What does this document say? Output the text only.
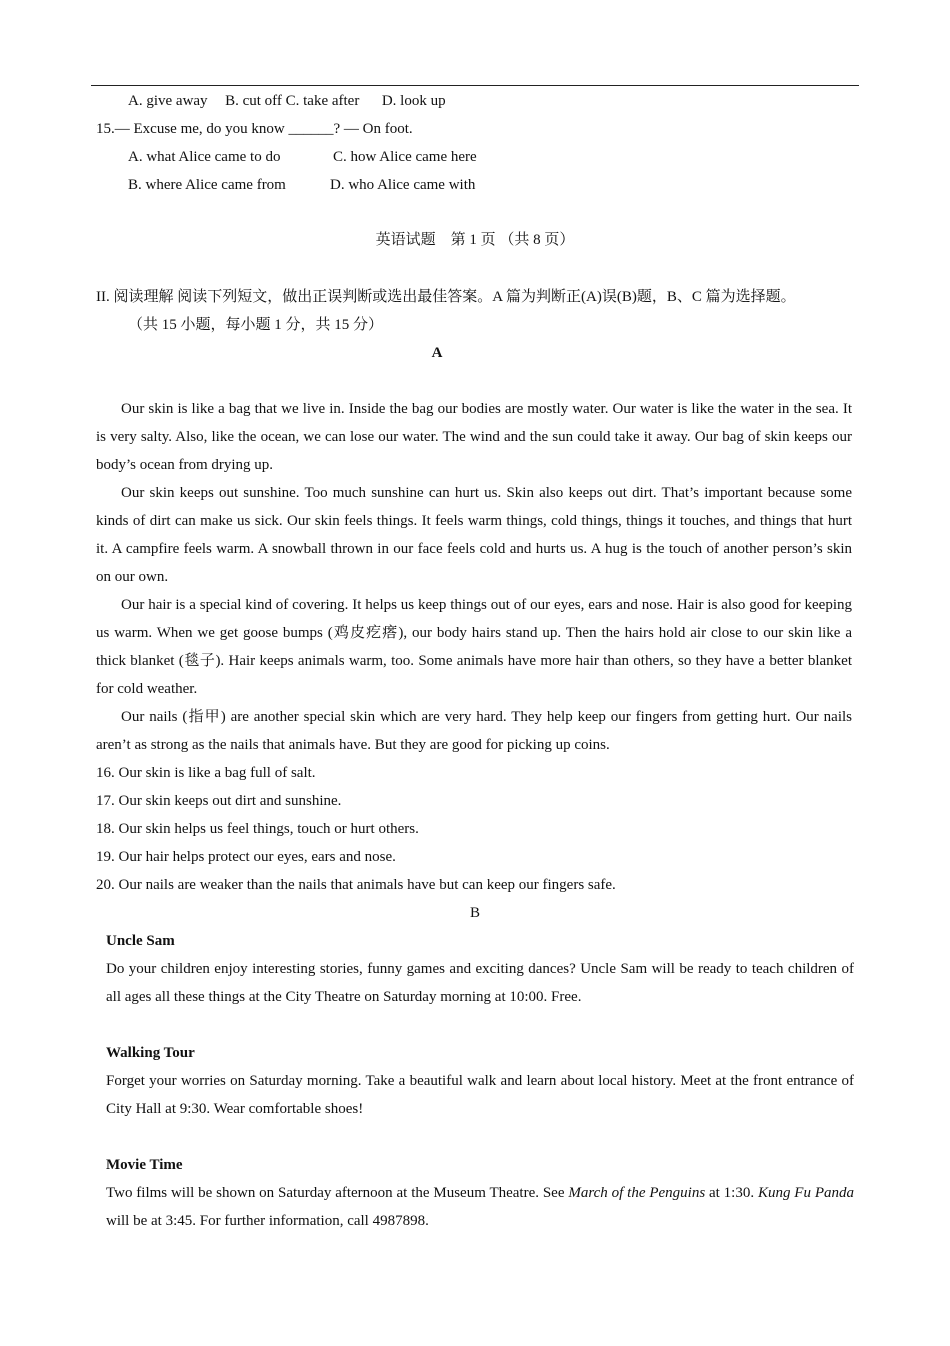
A. give away B. cut off C. take after D. look up
15.— Excuse me, do you know ______? — On foot.
A. what Alice came to do	C. how Alice came here
B. where Alice came from	D. who Alice came with
英语试题    第 1 页 （共 8 页）
II. 阅读理解 阅读下列短文，做出正误判断或选出最佳答案。A 篇为判断正(A)误(B)题，B、C 篇为选择题。
（共 15 小题，每小题 1 分，共 15 分）
A

Our skin is like a bag that we live in. Inside the bag our bodies are mostly water. Our water is like the water in the sea. It is very salty. Also, like the ocean, we can lose our water. The wind and the sun could take it away. Our bag of skin keeps our body’s ocean from drying up.

Our skin keeps out sunshine. Too much sunshine can hurt us. Skin also keeps out dirt. That’s important because some kinds of dirt can make us sick. Our skin feels things. It feels warm things, cold things, things it touches, and things that hurt it. A campfire feels warm. A snowball thrown in our face feels cold and hurts us. A hug is the touch of another person’s skin on our own.

Our hair is a special kind of covering. It helps us keep things out of our eyes, ears and nose. Hair is also good for keeping us warm. When we get goose bumps (鸡皮疙瘩), our body hairs stand up. Then the hairs hold air close to our skin like a thick blanket (毯子). Hair keeps animals warm, too. Some animals have more hair than others, so they have a better blanket for cold weather.

Our nails (指甲) are another special skin which are very hard. They help keep our fingers from getting hurt. Our nails aren’t as strong as the nails that animals have. But they are good for picking up coins.

16. Our skin is like a bag full of salt.
17. Our skin keeps out dirt and sunshine.
18. Our skin helps us feel things, touch or hurt others.
19. Our hair helps protect our eyes, ears and nose.
20. Our nails are weaker than the nails that animals have but can keep our fingers safe.
B
Uncle Sam

Do your children enjoy interesting stories, funny games and exciting dances? Uncle Sam will be ready to teach children of all ages all these things at the City Theatre on Saturday morning at 10:00. Free.

Walking Tour

Forget your worries on Saturday morning. Take a beautiful walk and learn about local history. Meet at the front entrance of City Hall at 9:30. Wear comfortable shoes!

Movie Time

Two films will be shown on Saturday afternoon at the Museum Theatre. See March of the Penguins at 1:30. Kung Fu Panda will be at 3:45. For further information, call 4987898.
